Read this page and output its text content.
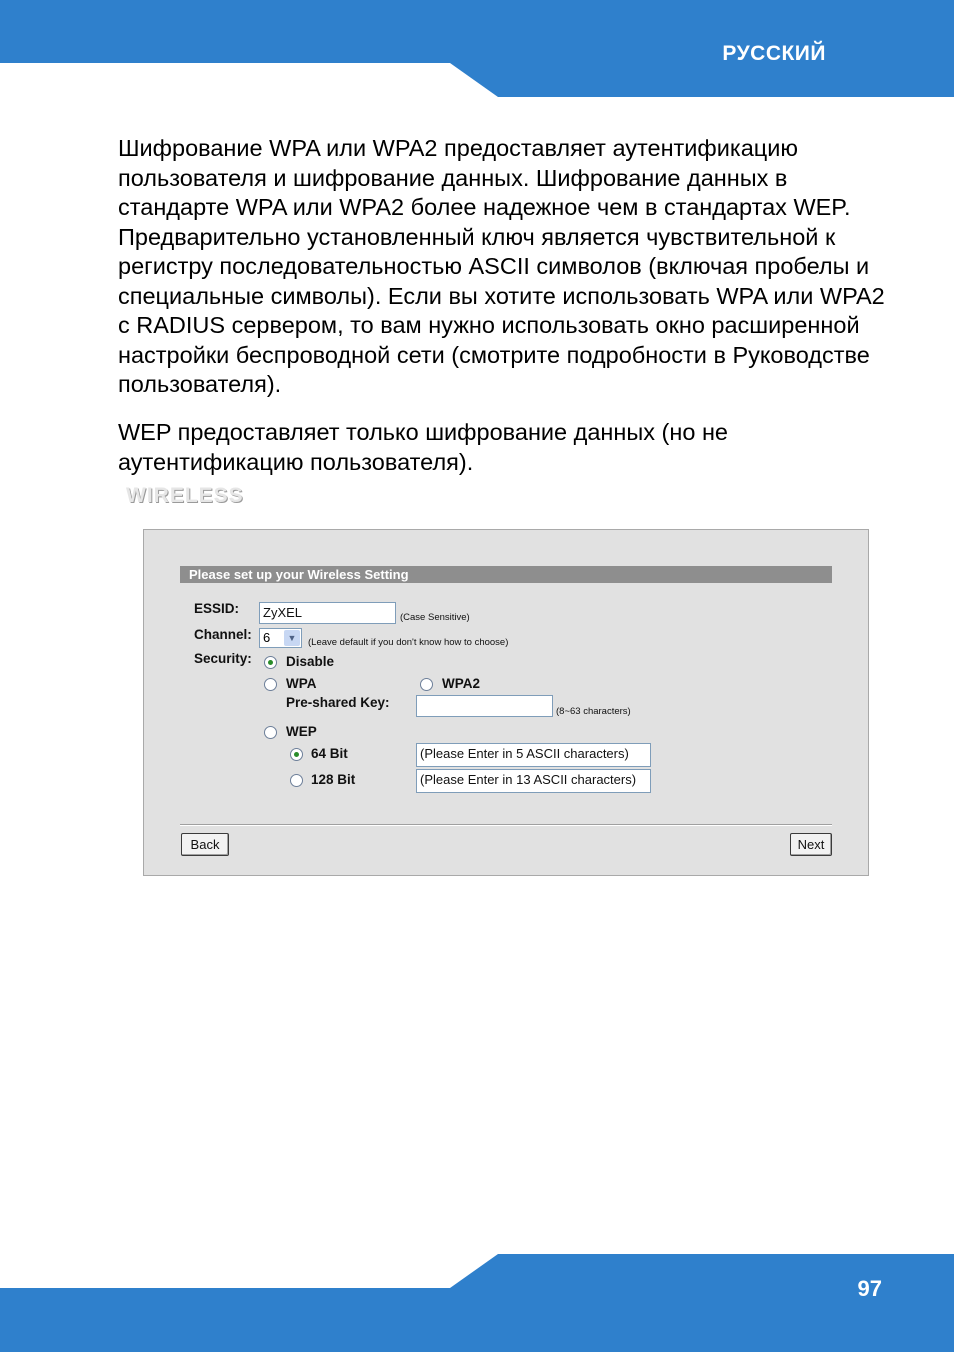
РУССКИЙ

Шифрование WPA или WPA2 предоставляет аутентификацию пользователя и шифрование данных. Шифрование данных в стандарте WPA или WPA2 более надежное чем в стандартах WEP. Предварительно установленный ключ является чувствительной к регистру последовательностью ASCII символов (включая пробелы и специальные символы). Если вы хотите использовать WPA или WPA2 с RADIUS сервером, то вам нужно использовать окно расширенной настройки беспроводной сети (смотрите подробности в Руководстве пользователя).

WEP предоставляет только шифрование данных (но не аутентификацию пользователя).

WIRELESS
Please set up your Wireless Setting
ESSID:	ZyXEL	(Case Sensitive)
Channel: 6	▼	(Leave default if you don't know how to choose)
Security:	Disable
WPA	WPA2
Pre-shared Key:
(8~63 characters)
WEP
64 Bit	(Please Enter in 5 ASCII characters)
128 Bit	(Please Enter in 13 ASCII characters)
Back	Next
97
